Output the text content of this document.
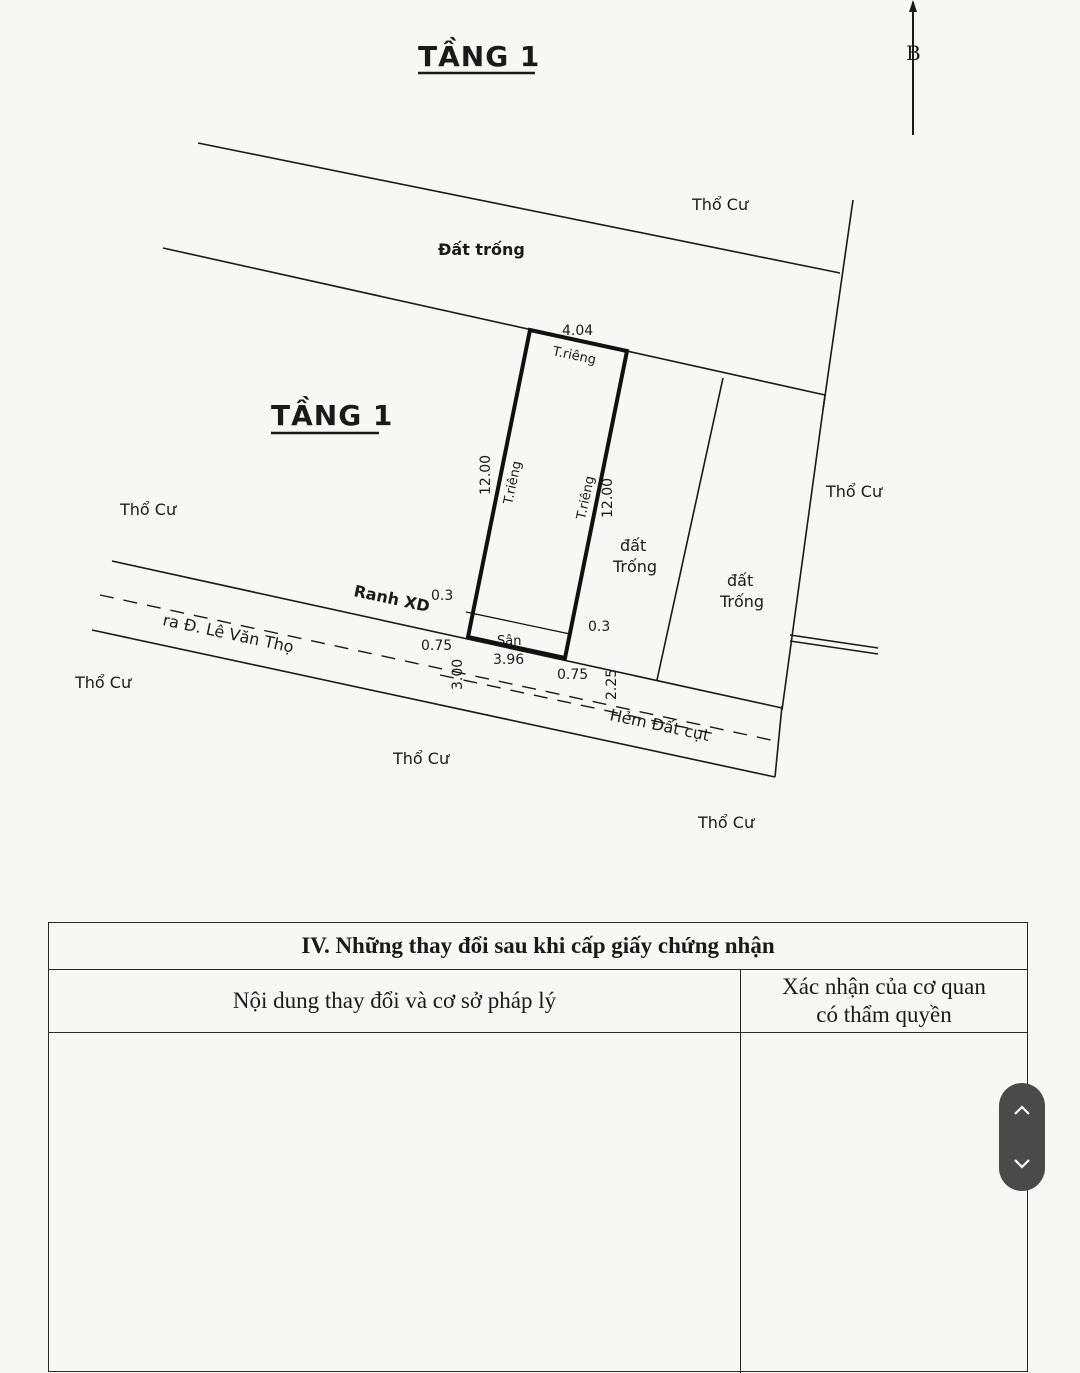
TẦNG 1	B
Thổ Cư
Đất trống
TẦNG 1
Thổ Cư
Thổ Cư
Thổ Cư
Thổ Cư
Thổ Cư
đất
Trống
đất
Trống
Ranh XD
ra Đ. Lê Văn Thọ
Hẻm Đất cụt
Sân
4.04
T.riêng
12.00 T.riêng	T.riêng 12.00
0.3
0.3
3.96
0.75
0.75
3.00	2.25
IV. Những thay đổi sau khi cấp giấy chứng nhận
Nội dung thay đổi và cơ sở pháp lý
Xác nhận của cơ quan
có thẩm quyền
